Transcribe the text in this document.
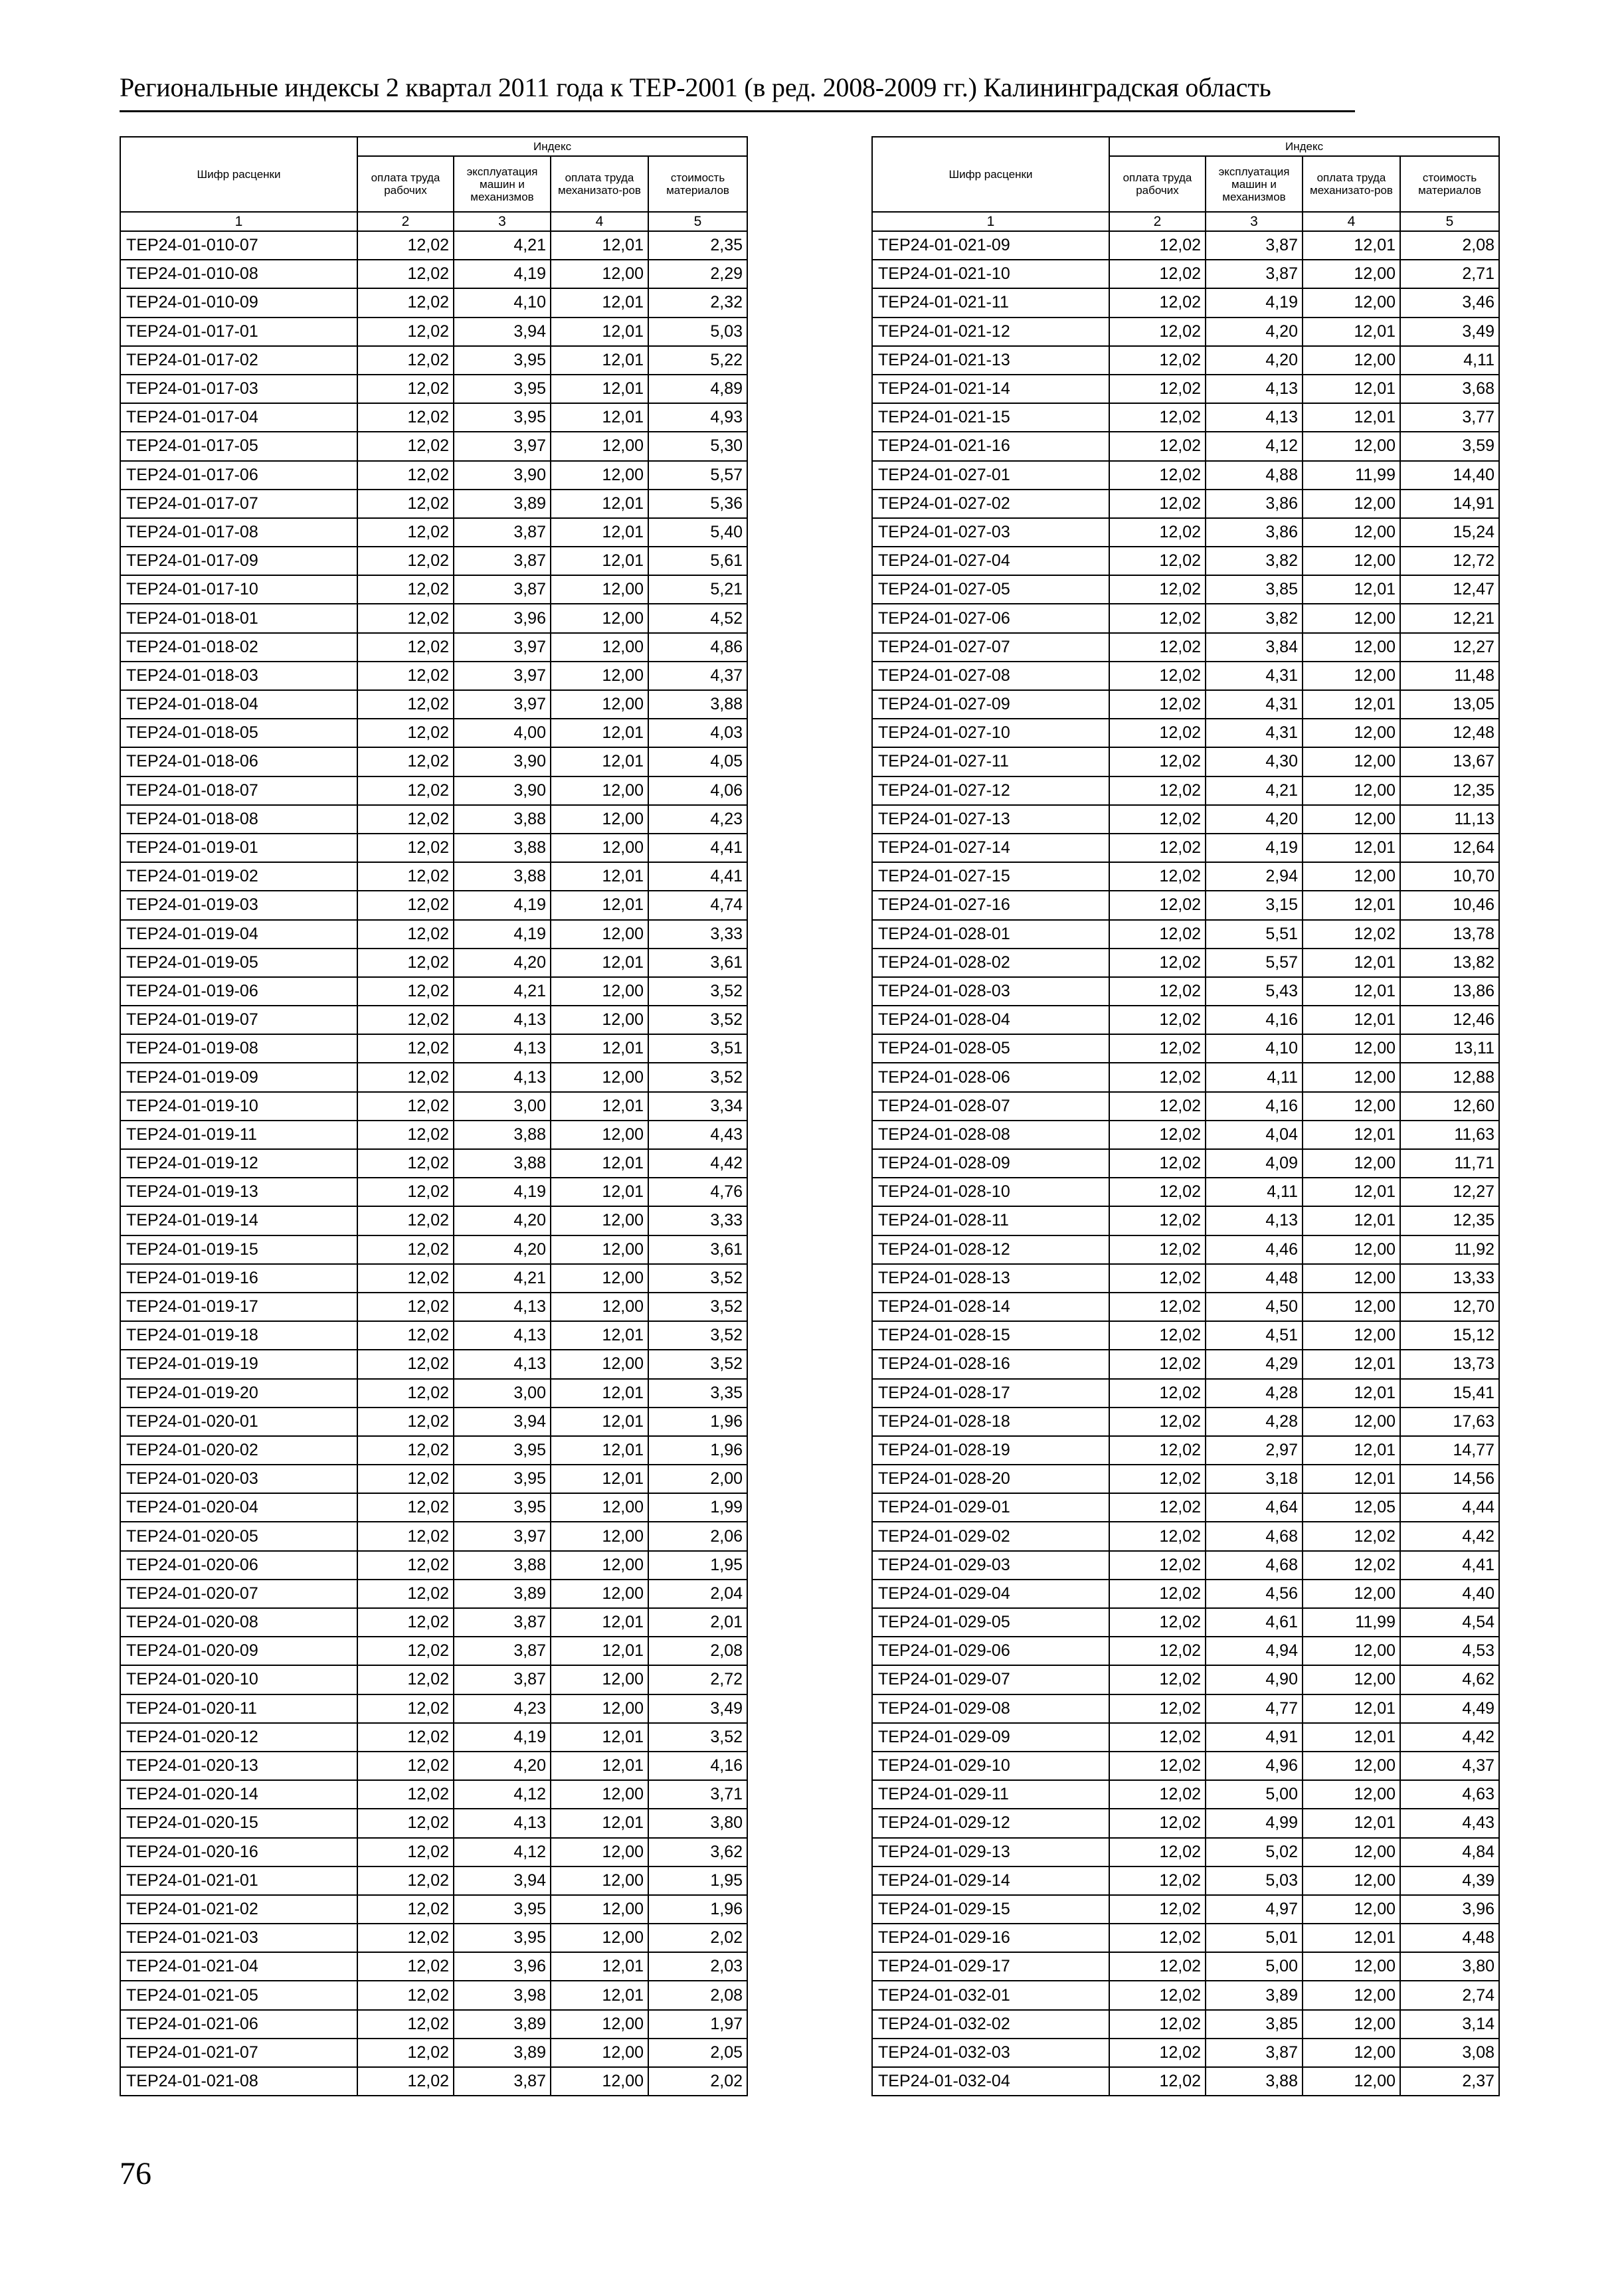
Региональные индексы 2 квартал 2011 года к ТЕР-2001 (в ред. 2008-2009 гг.) Калининградская область
Шифр расценки	Индекс			
	оплата труда рабочих	эксплуатация машин и механизмов	оплата труда механизато-ров	стоимость материалов
1	2	3	4	5
ТЕР24-01-010-07	12,02	4,21	12,01	2,35
ТЕР24-01-010-08	12,02	4,19	12,00	2,29
ТЕР24-01-010-09	12,02	4,10	12,01	2,32
ТЕР24-01-017-01	12,02	3,94	12,01	5,03
ТЕР24-01-017-02	12,02	3,95	12,01	5,22
ТЕР24-01-017-03	12,02	3,95	12,01	4,89
ТЕР24-01-017-04	12,02	3,95	12,01	4,93
ТЕР24-01-017-05	12,02	3,97	12,00	5,30
ТЕР24-01-017-06	12,02	3,90	12,00	5,57
ТЕР24-01-017-07	12,02	3,89	12,01	5,36
ТЕР24-01-017-08	12,02	3,87	12,01	5,40
ТЕР24-01-017-09	12,02	3,87	12,01	5,61
ТЕР24-01-017-10	12,02	3,87	12,00	5,21
ТЕР24-01-018-01	12,02	3,96	12,00	4,52
ТЕР24-01-018-02	12,02	3,97	12,00	4,86
ТЕР24-01-018-03	12,02	3,97	12,00	4,37
ТЕР24-01-018-04	12,02	3,97	12,00	3,88
ТЕР24-01-018-05	12,02	4,00	12,01	4,03
ТЕР24-01-018-06	12,02	3,90	12,01	4,05
ТЕР24-01-018-07	12,02	3,90	12,00	4,06
ТЕР24-01-018-08	12,02	3,88	12,00	4,23
ТЕР24-01-019-01	12,02	3,88	12,00	4,41
ТЕР24-01-019-02	12,02	3,88	12,01	4,41
ТЕР24-01-019-03	12,02	4,19	12,01	4,74
ТЕР24-01-019-04	12,02	4,19	12,00	3,33
ТЕР24-01-019-05	12,02	4,20	12,01	3,61
ТЕР24-01-019-06	12,02	4,21	12,00	3,52
ТЕР24-01-019-07	12,02	4,13	12,00	3,52
ТЕР24-01-019-08	12,02	4,13	12,01	3,51
ТЕР24-01-019-09	12,02	4,13	12,00	3,52
ТЕР24-01-019-10	12,02	3,00	12,01	3,34
ТЕР24-01-019-11	12,02	3,88	12,00	4,43
ТЕР24-01-019-12	12,02	3,88	12,01	4,42
ТЕР24-01-019-13	12,02	4,19	12,01	4,76
ТЕР24-01-019-14	12,02	4,20	12,00	3,33
ТЕР24-01-019-15	12,02	4,20	12,00	3,61
ТЕР24-01-019-16	12,02	4,21	12,00	3,52
ТЕР24-01-019-17	12,02	4,13	12,00	3,52
ТЕР24-01-019-18	12,02	4,13	12,01	3,52
ТЕР24-01-019-19	12,02	4,13	12,00	3,52
ТЕР24-01-019-20	12,02	3,00	12,01	3,35
ТЕР24-01-020-01	12,02	3,94	12,01	1,96
ТЕР24-01-020-02	12,02	3,95	12,01	1,96
ТЕР24-01-020-03	12,02	3,95	12,01	2,00
ТЕР24-01-020-04	12,02	3,95	12,00	1,99
ТЕР24-01-020-05	12,02	3,97	12,00	2,06
ТЕР24-01-020-06	12,02	3,88	12,00	1,95
ТЕР24-01-020-07	12,02	3,89	12,00	2,04
ТЕР24-01-020-08	12,02	3,87	12,01	2,01
ТЕР24-01-020-09	12,02	3,87	12,01	2,08
ТЕР24-01-020-10	12,02	3,87	12,00	2,72
ТЕР24-01-020-11	12,02	4,23	12,00	3,49
ТЕР24-01-020-12	12,02	4,19	12,01	3,52
ТЕР24-01-020-13	12,02	4,20	12,01	4,16
ТЕР24-01-020-14	12,02	4,12	12,00	3,71
ТЕР24-01-020-15	12,02	4,13	12,01	3,80
ТЕР24-01-020-16	12,02	4,12	12,00	3,62
ТЕР24-01-021-01	12,02	3,94	12,00	1,95
ТЕР24-01-021-02	12,02	3,95	12,00	1,96
ТЕР24-01-021-03	12,02	3,95	12,00	2,02
ТЕР24-01-021-04	12,02	3,96	12,01	2,03
ТЕР24-01-021-05	12,02	3,98	12,01	2,08
ТЕР24-01-021-06	12,02	3,89	12,00	1,97
ТЕР24-01-021-07	12,02	3,89	12,00	2,05
ТЕР24-01-021-08	12,02	3,87	12,00	2,02
Шифр расценки	Индекс			
	оплата труда рабочих	эксплуатация машин и механизмов	оплата труда механизато-ров	стоимость материалов
1	2	3	4	5
ТЕР24-01-021-09	12,02	3,87	12,01	2,08
ТЕР24-01-021-10	12,02	3,87	12,00	2,71
ТЕР24-01-021-11	12,02	4,19	12,00	3,46
ТЕР24-01-021-12	12,02	4,20	12,01	3,49
ТЕР24-01-021-13	12,02	4,20	12,00	4,11
ТЕР24-01-021-14	12,02	4,13	12,01	3,68
ТЕР24-01-021-15	12,02	4,13	12,01	3,77
ТЕР24-01-021-16	12,02	4,12	12,00	3,59
ТЕР24-01-027-01	12,02	4,88	11,99	14,40
ТЕР24-01-027-02	12,02	3,86	12,00	14,91
ТЕР24-01-027-03	12,02	3,86	12,00	15,24
ТЕР24-01-027-04	12,02	3,82	12,00	12,72
ТЕР24-01-027-05	12,02	3,85	12,01	12,47
ТЕР24-01-027-06	12,02	3,82	12,00	12,21
ТЕР24-01-027-07	12,02	3,84	12,00	12,27
ТЕР24-01-027-08	12,02	4,31	12,00	11,48
ТЕР24-01-027-09	12,02	4,31	12,01	13,05
ТЕР24-01-027-10	12,02	4,31	12,00	12,48
ТЕР24-01-027-11	12,02	4,30	12,00	13,67
ТЕР24-01-027-12	12,02	4,21	12,00	12,35
ТЕР24-01-027-13	12,02	4,20	12,00	11,13
ТЕР24-01-027-14	12,02	4,19	12,01	12,64
ТЕР24-01-027-15	12,02	2,94	12,00	10,70
ТЕР24-01-027-16	12,02	3,15	12,01	10,46
ТЕР24-01-028-01	12,02	5,51	12,02	13,78
ТЕР24-01-028-02	12,02	5,57	12,01	13,82
ТЕР24-01-028-03	12,02	5,43	12,01	13,86
ТЕР24-01-028-04	12,02	4,16	12,01	12,46
ТЕР24-01-028-05	12,02	4,10	12,00	13,11
ТЕР24-01-028-06	12,02	4,11	12,00	12,88
ТЕР24-01-028-07	12,02	4,16	12,00	12,60
ТЕР24-01-028-08	12,02	4,04	12,01	11,63
ТЕР24-01-028-09	12,02	4,09	12,00	11,71
ТЕР24-01-028-10	12,02	4,11	12,01	12,27
ТЕР24-01-028-11	12,02	4,13	12,01	12,35
ТЕР24-01-028-12	12,02	4,46	12,00	11,92
ТЕР24-01-028-13	12,02	4,48	12,00	13,33
ТЕР24-01-028-14	12,02	4,50	12,00	12,70
ТЕР24-01-028-15	12,02	4,51	12,00	15,12
ТЕР24-01-028-16	12,02	4,29	12,01	13,73
ТЕР24-01-028-17	12,02	4,28	12,01	15,41
ТЕР24-01-028-18	12,02	4,28	12,00	17,63
ТЕР24-01-028-19	12,02	2,97	12,01	14,77
ТЕР24-01-028-20	12,02	3,18	12,01	14,56
ТЕР24-01-029-01	12,02	4,64	12,05	4,44
ТЕР24-01-029-02	12,02	4,68	12,02	4,42
ТЕР24-01-029-03	12,02	4,68	12,02	4,41
ТЕР24-01-029-04	12,02	4,56	12,00	4,40
ТЕР24-01-029-05	12,02	4,61	11,99	4,54
ТЕР24-01-029-06	12,02	4,94	12,00	4,53
ТЕР24-01-029-07	12,02	4,90	12,00	4,62
ТЕР24-01-029-08	12,02	4,77	12,01	4,49
ТЕР24-01-029-09	12,02	4,91	12,01	4,42
ТЕР24-01-029-10	12,02	4,96	12,00	4,37
ТЕР24-01-029-11	12,02	5,00	12,00	4,63
ТЕР24-01-029-12	12,02	4,99	12,01	4,43
ТЕР24-01-029-13	12,02	5,02	12,00	4,84
ТЕР24-01-029-14	12,02	5,03	12,00	4,39
ТЕР24-01-029-15	12,02	4,97	12,00	3,96
ТЕР24-01-029-16	12,02	5,01	12,01	4,48
ТЕР24-01-029-17	12,02	5,00	12,00	3,80
ТЕР24-01-032-01	12,02	3,89	12,00	2,74
ТЕР24-01-032-02	12,02	3,85	12,00	3,14
ТЕР24-01-032-03	12,02	3,87	12,00	3,08
ТЕР24-01-032-04	12,02	3,88	12,00	2,37
76
